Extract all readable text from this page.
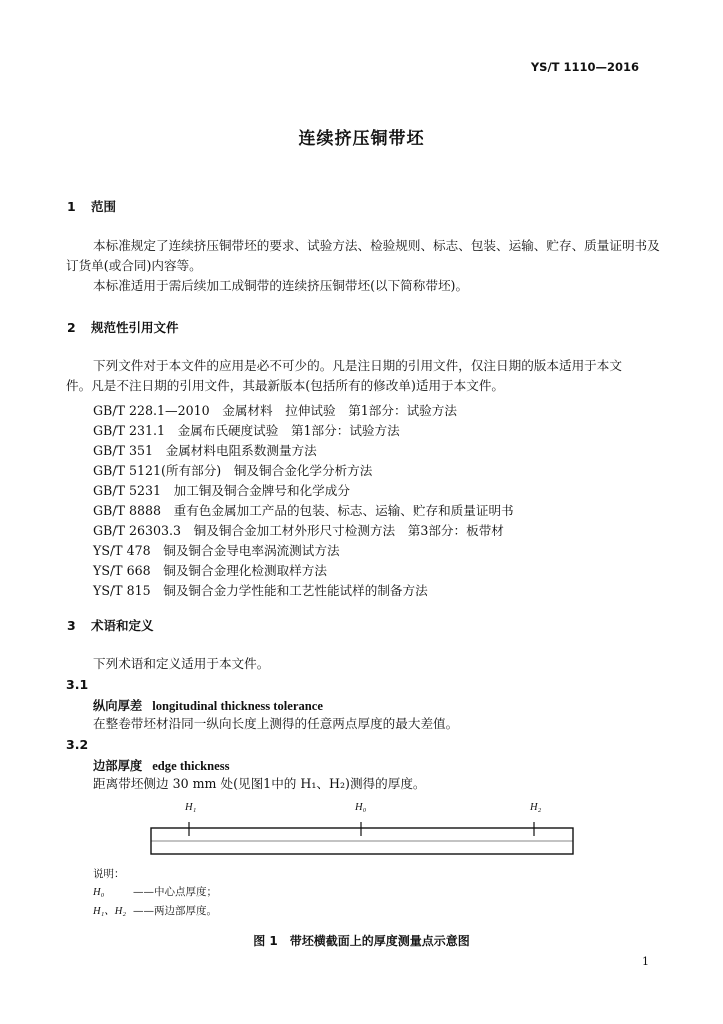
YS/T 1110—2016
连续挤压铜带坯
1 范围
本标准规定了连续挤压铜带坯的要求、试验方法、检验规则、标志、包装、运输、贮存、质量证明书及
订货单(或合同)内容等。
本标准适用于需后续加工成铜带的连续挤压铜带坯(以下简称带坯)。
2 规范性引用文件
下列文件对于本文件的应用是必不可少的。凡是注日期的引用文件，仅注日期的版本适用于本文
件。凡是不注日期的引用文件，其最新版本(包括所有的修改单)适用于本文件。
GB/T 228.1—2010　 金属材料　拉伸试验　第1部分：试验方法
GB/T 231.1　 金属布氏硬度试验　第1部分：试验方法
GB/T 351　 金属材料电阻系数测量方法
GB/T 5121(所有部分)　 铜及铜合金化学分析方法
GB/T 5231　 加工铜及铜合金牌号和化学成分
GB/T 8888　 重有色金属加工产品的包装、标志、运输、贮存和质量证明书
GB/T 26303.3　 铜及铜合金加工材外形尺寸检测方法　第3部分：板带材
YS/T 478　 铜及铜合金导电率涡流测试方法
YS/T 668　 铜及铜合金理化检测取样方法
YS/T 815　 铜及铜合金力学性能和工艺性能试样的制备方法
3 术语和定义
下列术语和定义适用于本文件。
3.1
纵向厚差 longitudinal thickness tolerance
在整卷带坯材沿同一纵向长度上测得的任意两点厚度的最大差值。
3.2
边部厚度 edge thickness
距离带坯侧边 30 mm 处(见图1中的 H₁、H₂)测得的厚度。
H₁	H₀	H₂
说明：
H₀	——中心点厚度；
H₁、H₂ ——两边部厚度。
图 1　带坯横截面上的厚度测量点示意图
1
